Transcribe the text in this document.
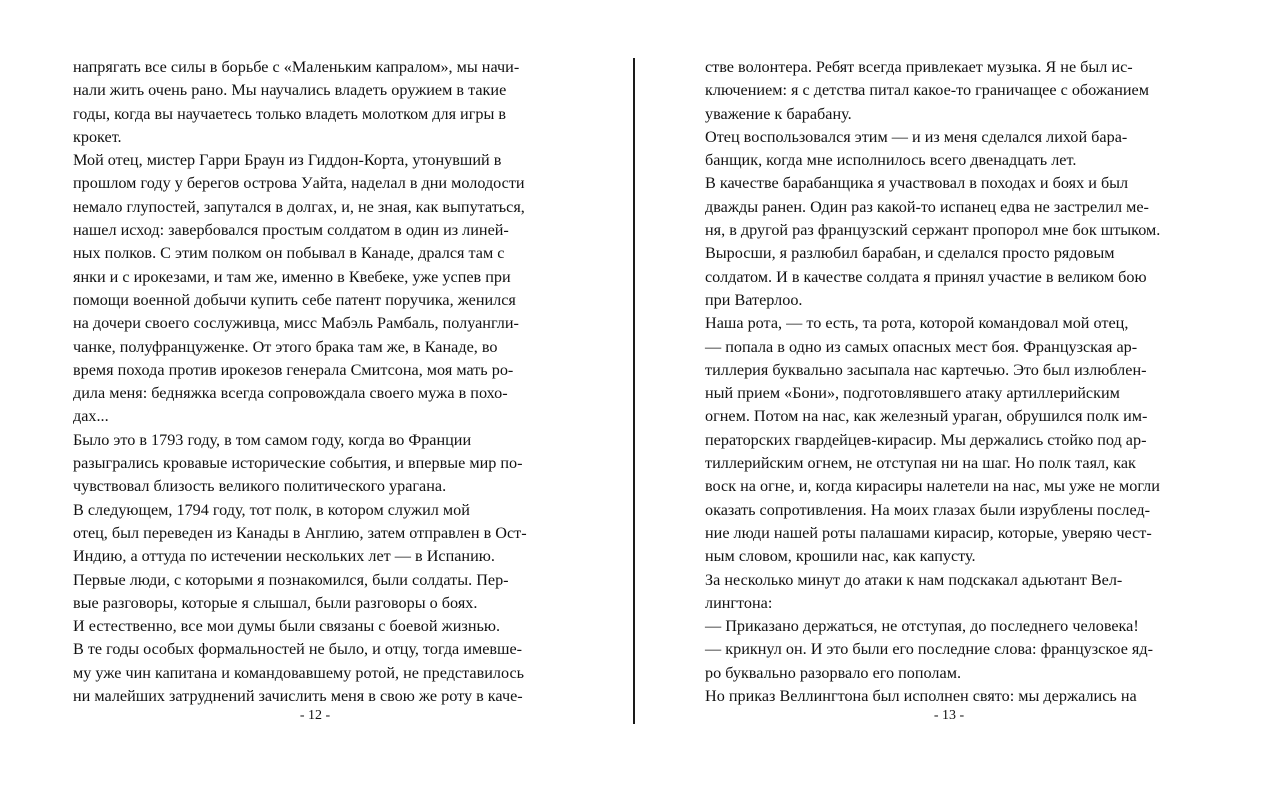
напрягать все силы в борьбе с «Маленьким капралом», мы начи-
нали жить очень рано. Мы научались владеть оружием в такие
годы, когда вы научаетесь только владеть молотком для игры в
крокет.

Мой отец, мистер Гарри Браун из Гиддон-Корта, утонувший в
прошлом году у берегов острова Уайта, наделал в дни молодости
немало глупостей, запутался в долгах, и, не зная, как выпутаться,
нашел исход: завербовался простым солдатом в один из линей-
ных полков. С этим полком он побывал в Канаде, дрался там с
янки и с ирокезами, и там же, именно в Квебеке, уже успев при
помощи военной добычи купить себе патент поручика, женился
на дочери своего сослуживца, мисс Мабэль Рамбаль, полуангли-
чанке, полуфранцуженке. От этого брака там же, в Канаде, во
время похода против ирокезов генерала Смитсона, моя мать ро-
дила меня: бедняжка всегда сопровождала своего мужа в похо-
дах...

Было это в 1793 году, в том самом году, когда во Франции
разыгрались кровавые исторические события, и впервые мир по-
чувствовал близость великого политического урагана.

В следующем, 1794 году, тот полк, в котором служил мой
отец, был переведен из Канады в Англию, затем отправлен в Ост-
Индию, а оттуда по истечении нескольких лет — в Испанию.
Первые люди, с которыми я познакомился, были солдаты. Пер-
вые разговоры, которые я слышал, были разговоры о боях.

И естественно, все мои думы были связаны с боевой жизнью.
В те годы особых формальностей не было, и отцу, тогда имевше-
му уже чин капитана и командовавшему ротой, не представилось
ни малейших затруднений зачислить меня в свою же роту в каче-

стве волонтера. Ребят всегда привлекает музыка. Я не был ис-
ключением: я с детства питал какое-то граничащее с обожанием
уважение к барабану.

Отец воспользовался этим — и из меня сделался лихой бара-
банщик, когда мне исполнилось всего двенадцать лет.

В качестве барабанщика я участвовал в походах и боях и был
дважды ранен. Один раз какой-то испанец едва не застрелил ме-
ня, в другой раз французский сержант пропорол мне бок штыком.

Выросши, я разлюбил барабан, и сделался просто рядовым
солдатом. И в качестве солдата я принял участие в великом бою
при Ватерлоо.

Наша рота, — то есть, та рота, которой командовал мой отец,
— попала в одно из самых опасных мест боя. Французская ар-
тиллерия буквально засыпала нас картечью. Это был излюблен-
ный прием «Бони», подготовлявшего атаку артиллерийским
огнем. Потом на нас, как железный ураган, обрушился полк им-
ператорских гвардейцев-кирасир. Мы держались стойко под ар-
тиллерийским огнем, не отступая ни на шаг. Но полк таял, как
воск на огне, и, когда кирасиры налетели на нас, мы уже не могли
оказать сопротивления. На моих глазах были изрублены послед-
ние люди нашей роты палашами кирасир, которые, уверяю чест-
ным словом, крошили нас, как капусту.

За несколько минут до атаки к нам подскакал адьютант Вел-
лингтона:

— Приказано держаться, не отступая, до последнего человека!
— крикнул он. И это были его последние слова: французское яд-
ро буквально разорвало его пополам.

Но приказ Веллингтона был исполнен свято: мы держались на

- 12 -	- 13 -
